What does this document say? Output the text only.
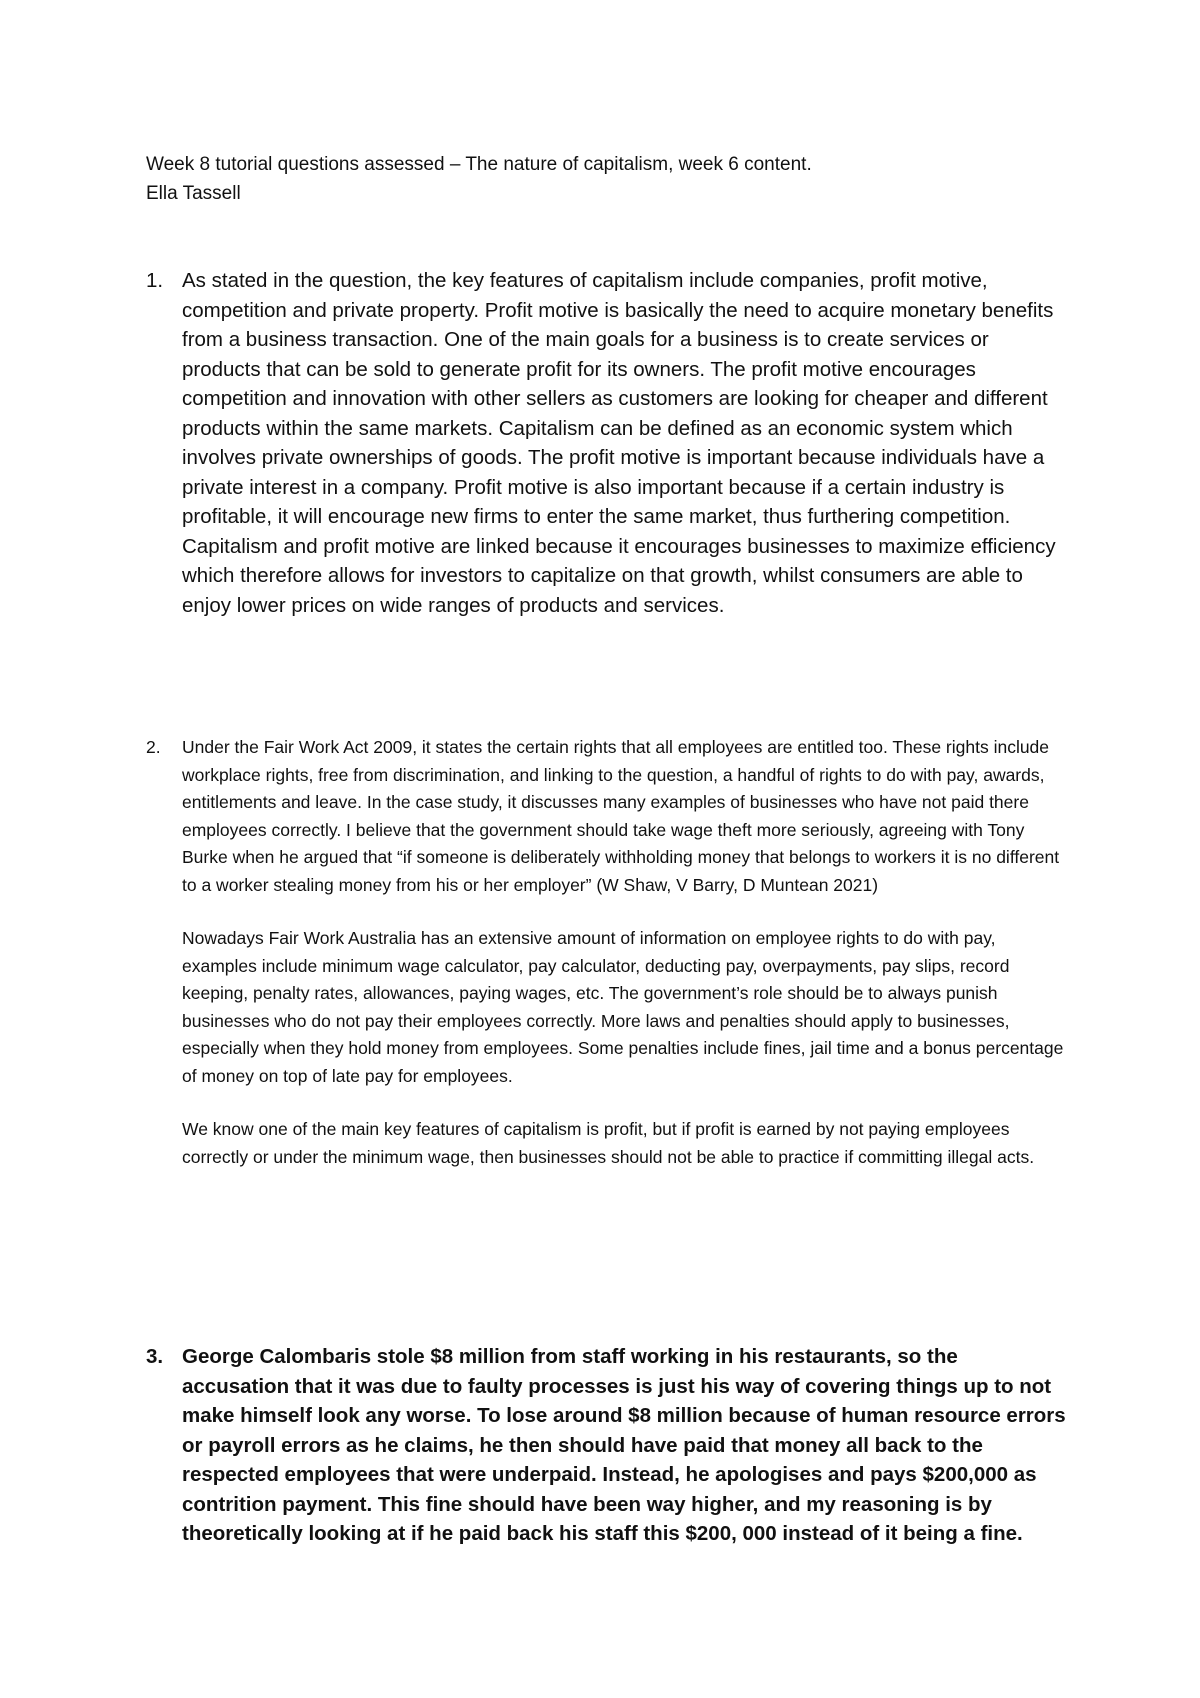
Week 8 tutorial questions assessed – The nature of capitalism, week 6 content.

Ella Tassell

1. As stated in the question, the key features of capitalism include companies, profit motive, competition and private property. Profit motive is basically the need to acquire monetary benefits from a business transaction. One of the main goals for a business is to create services or products that can be sold to generate profit for its owners. The profit motive encourages competition and innovation with other sellers as customers are looking for cheaper and different products within the same markets. Capitalism can be defined as an economic system which involves private ownerships of goods. The profit motive is important because individuals have a private interest in a company. Profit motive is also important because if a certain industry is profitable, it will encourage new firms to enter the same market, thus furthering competition. Capitalism and profit motive are linked because it encourages businesses to maximize efficiency which therefore allows for investors to capitalize on that growth, whilst consumers are able to enjoy lower prices on wide ranges of products and services.

2. Under the Fair Work Act 2009, it states the certain rights that all employees are entitled too. These rights include workplace rights, free from discrimination, and linking to the question, a handful of rights to do with pay, awards, entitlements and leave. In the case study, it discusses many examples of businesses who have not paid there employees correctly. I believe that the government should take wage theft more seriously, agreeing with Tony Burke when he argued that “if someone is deliberately withholding money that belongs to workers it is no different to a worker stealing money from his or her employer” (W Shaw, V Barry, D Muntean 2021)

Nowadays Fair Work Australia has an extensive amount of information on employee rights to do with pay, examples include minimum wage calculator, pay calculator, deducting pay, overpayments, pay slips, record keeping, penalty rates, allowances, paying wages, etc. The government’s role should be to always punish businesses who do not pay their employees correctly. More laws and penalties should apply to businesses, especially when they hold money from employees. Some penalties include fines, jail time and a bonus percentage of money on top of late pay for employees.

We know one of the main key features of capitalism is profit, but if profit is earned by not paying employees correctly or under the minimum wage, then businesses should not be able to practice if committing illegal acts.

3. George Calombaris stole $8 million from staff working in his restaurants, so the accusation that it was due to faulty processes is just his way of covering things up to not make himself look any worse. To lose around $8 million because of human resource errors or payroll errors as he claims, he then should have paid that money all back to the respected employees that were underpaid. Instead, he apologises and pays $200,000 as contrition payment. This fine should have been way higher, and my reasoning is by theoretically looking at if he paid back his staff this $200, 000 instead of it being a fine.
